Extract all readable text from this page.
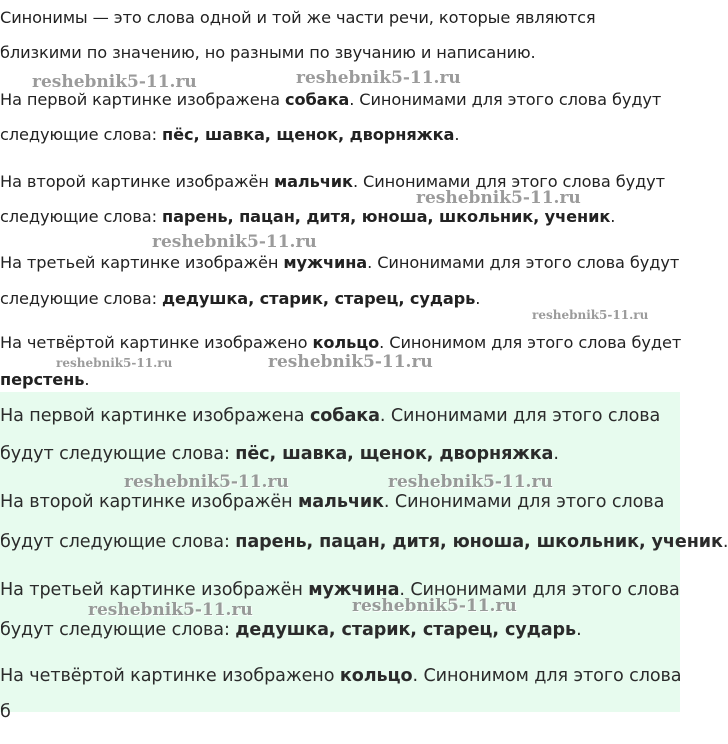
Синонимы — это слова одной и той же части речи, которые являются

близкими по значению, но разными по звучанию и написанию.

На первой картинке изображена собака. Синонимами для этого слова будут

следующие слова: пёс, шавка, щенок, дворняжка.

На второй картинке изображён мальчик. Синонимами для этого слова будут

следующие слова: парень, пацан, дитя, юноша, школьник, ученик.

На третьей картинке изображён мужчина. Синонимами для этого слова будут

следующие слова: дедушка, старик, старец, сударь.

На четвёртой картинке изображено кольцо. Синонимом для этого слова будет

перстень.

На первой картинке изображена собака. Синонимами для этого слова

будут следующие слова: пёс, шавка, щенок, дворняжка.

На второй картинке изображён мальчик. Синонимами для этого слова

будут следующие слова: парень, пацан, дитя, юноша, школьник, ученик.

На третьей картинке изображён мужчина. Синонимами для этого слова

будут следующие слова: дедушка, старик, старец, сударь.

На четвёртой картинке изображено кольцо. Синонимом для этого слова

б

reshebnik5-11.ru	reshebnik5-11.ru
reshebnik5-11.ru
reshebnik5-11.ru
reshebnik5-11.ru
reshebnik5-11.ru	reshebnik5-11.ru
reshebnik5-11.ru	reshebnik5-11.ru
reshebnik5-11.ru	reshebnik5-11.ru
